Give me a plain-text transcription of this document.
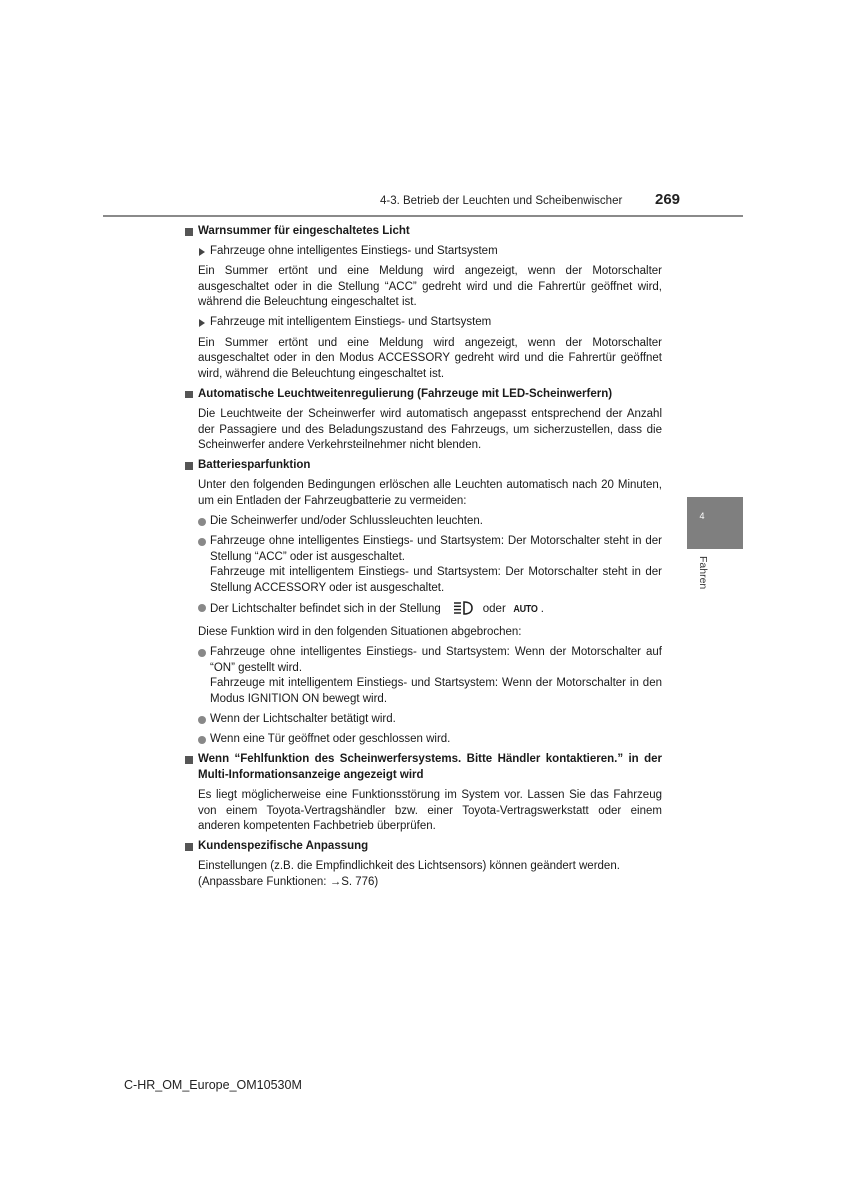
4-3. Betrieb der Leuchten und Scheibenwischer 269
4
Fahren
Warnsummer für eingeschaltetes Licht
Fahrzeuge ohne intelligentes Einstiegs- und Startsystem
Ein Summer ertönt und eine Meldung wird angezeigt, wenn der Motorschalter ausgeschaltet oder in die Stellung “ACC” gedreht wird und die Fahrertür geöffnet wird, während die Beleuchtung eingeschaltet ist.
Fahrzeuge mit intelligentem Einstiegs- und Startsystem
Ein Summer ertönt und eine Meldung wird angezeigt, wenn der Motorschalter ausgeschaltet oder in den Modus ACCESSORY gedreht wird und die Fahrertür geöffnet wird, während die Beleuchtung eingeschaltet ist.
Automatische Leuchtweitenregulierung (Fahrzeuge mit LED-Scheinwerfern)
Die Leuchtweite der Scheinwerfer wird automatisch angepasst entsprechend der Anzahl der Passagiere und des Beladungszustand des Fahrzeugs, um sicherzustellen, dass die Scheinwerfer andere Verkehrsteilnehmer nicht blenden.
Batteriesparfunktion
Unter den folgenden Bedingungen erlöschen alle Leuchten automatisch nach 20 Minuten, um ein Entladen der Fahrzeugbatterie zu vermeiden:
Die Scheinwerfer und/oder Schlussleuchten leuchten.
Fahrzeuge ohne intelligentes Einstiegs- und Startsystem: Der Motorschalter steht in der Stellung “ACC” oder ist ausgeschaltet.
Fahrzeuge mit intelligentem Einstiegs- und Startsystem: Der Motorschalter steht in der Stellung ACCESSORY oder ist ausgeschaltet.
Der Lichtschalter befindet sich in der Stellung	oder AUTO .
Diese Funktion wird in den folgenden Situationen abgebrochen:
Fahrzeuge ohne intelligentes Einstiegs- und Startsystem: Wenn der Motorschalter auf “ON” gestellt wird.
Fahrzeuge mit intelligentem Einstiegs- und Startsystem: Wenn der Motorschalter in den Modus IGNITION ON bewegt wird.
Wenn der Lichtschalter betätigt wird.
Wenn eine Tür geöffnet oder geschlossen wird.
Wenn “Fehlfunktion des Scheinwerfersystems. Bitte Händler kontaktieren.” in der Multi-Informationsanzeige angezeigt wird
Es liegt möglicherweise eine Funktionsstörung im System vor. Lassen Sie das Fahrzeug von einem Toyota-Vertragshändler bzw. einer Toyota-Vertragswerkstatt oder einem anderen kompetenten Fachbetrieb überprüfen.
Kundenspezifische Anpassung
Einstellungen (z.B. die Empfindlichkeit des Lichtsensors) können geändert werden.
(Anpassbare Funktionen: →S. 776)
C-HR_OM_Europe_OM10530M
